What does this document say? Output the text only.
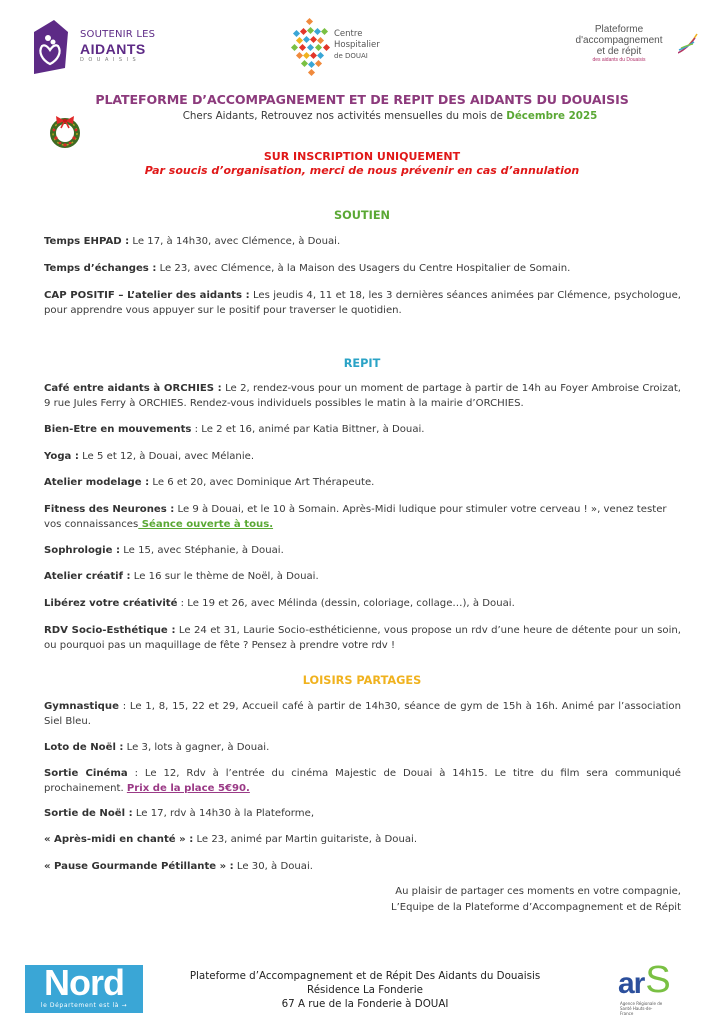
SOUTENIR LES
AIDANTS
DOUAISIS
Centre
Hospitalier
de DOUAI
Plateforme
d'accompagnement
et de répit
des aidants du Douaisis
PLATEFORME D’ACCOMPAGNEMENT ET DE REPIT DES AIDANTS DU DOUAISIS
Chers Aidants, Retrouvez nos activités mensuelles du mois de Décembre 2025
SUR INSCRIPTION UNIQUEMENT
Par soucis d’organisation, merci de nous prévenir en cas d’annulation
SOUTIEN
Temps EHPAD : Le 17, à 14h30, avec Clémence, à Douai.
Temps d’échanges : Le 23, avec Clémence, à la Maison des Usagers du Centre Hospitalier de Somain.
CAP POSITIF – L’atelier des aidants : Les jeudis 4, 11 et 18, les 3 dernières séances animées par Clémence, psychologue, pour apprendre vous appuyer sur le positif pour traverser le quotidien.
REPIT
Café entre aidants à ORCHIES : Le 2, rendez-vous pour un moment de partage à partir de 14h au Foyer Ambroise Croizat, 9 rue Jules Ferry à ORCHIES. Rendez-vous individuels possibles le matin à la mairie d’ORCHIES.
Bien-Etre en mouvements : Le 2 et 16, animé par Katia Bittner, à Douai.
Yoga : Le 5 et 12, à Douai, avec Mélanie.
Atelier modelage : Le 6 et 20, avec Dominique Art Thérapeute.
Fitness des Neurones : Le 9 à Douai, et le 10 à Somain. Après-Midi ludique pour stimuler votre cerveau ! », venez tester vos connaissances Séance ouverte à tous.
Sophrologie : Le 15, avec Stéphanie, à Douai.
Atelier créatif : Le 16 sur le thème de Noël, à Douai.
Libérez votre créativité : Le 19 et 26, avec Mélinda (dessin, coloriage, collage…), à Douai.
RDV Socio-Esthétique : Le 24 et 31, Laurie Socio-esthéticienne, vous propose un rdv d’une heure de détente pour un soin, ou pourquoi pas un maquillage de fête ? Pensez à prendre votre rdv !
LOISIRS PARTAGES
Gymnastique : Le 1, 8, 15, 22 et 29, Accueil café à partir de 14h30, séance de gym de 15h à 16h. Animé par l’association Siel Bleu.
Loto de Noël : Le 3, lots à gagner, à Douai.
Sortie Cinéma : Le 12, Rdv à l’entrée du cinéma Majestic de Douai à 14h15. Le titre du film sera communiqué prochainement. Prix de la place 5€90.
Sortie de Noël : Le 17, rdv à 14h30 à la Plateforme,
« Après-midi en chanté » : Le 23, animé par Martin guitariste, à Douai.
« Pause Gourmande Pétillante » : Le 30, à Douai.
Au plaisir de partager ces moments en votre compagnie,
L’Equipe de la Plateforme d’Accompagnement et de Répit
Nord
le Département est là →
Plateforme d’Accompagnement et de Répit Des Aidants du Douaisis
Résidence La Fonderie
67 A rue de la Fonderie à DOUAI
ar S
Agence Régionale de Santé Hauts-de-France
